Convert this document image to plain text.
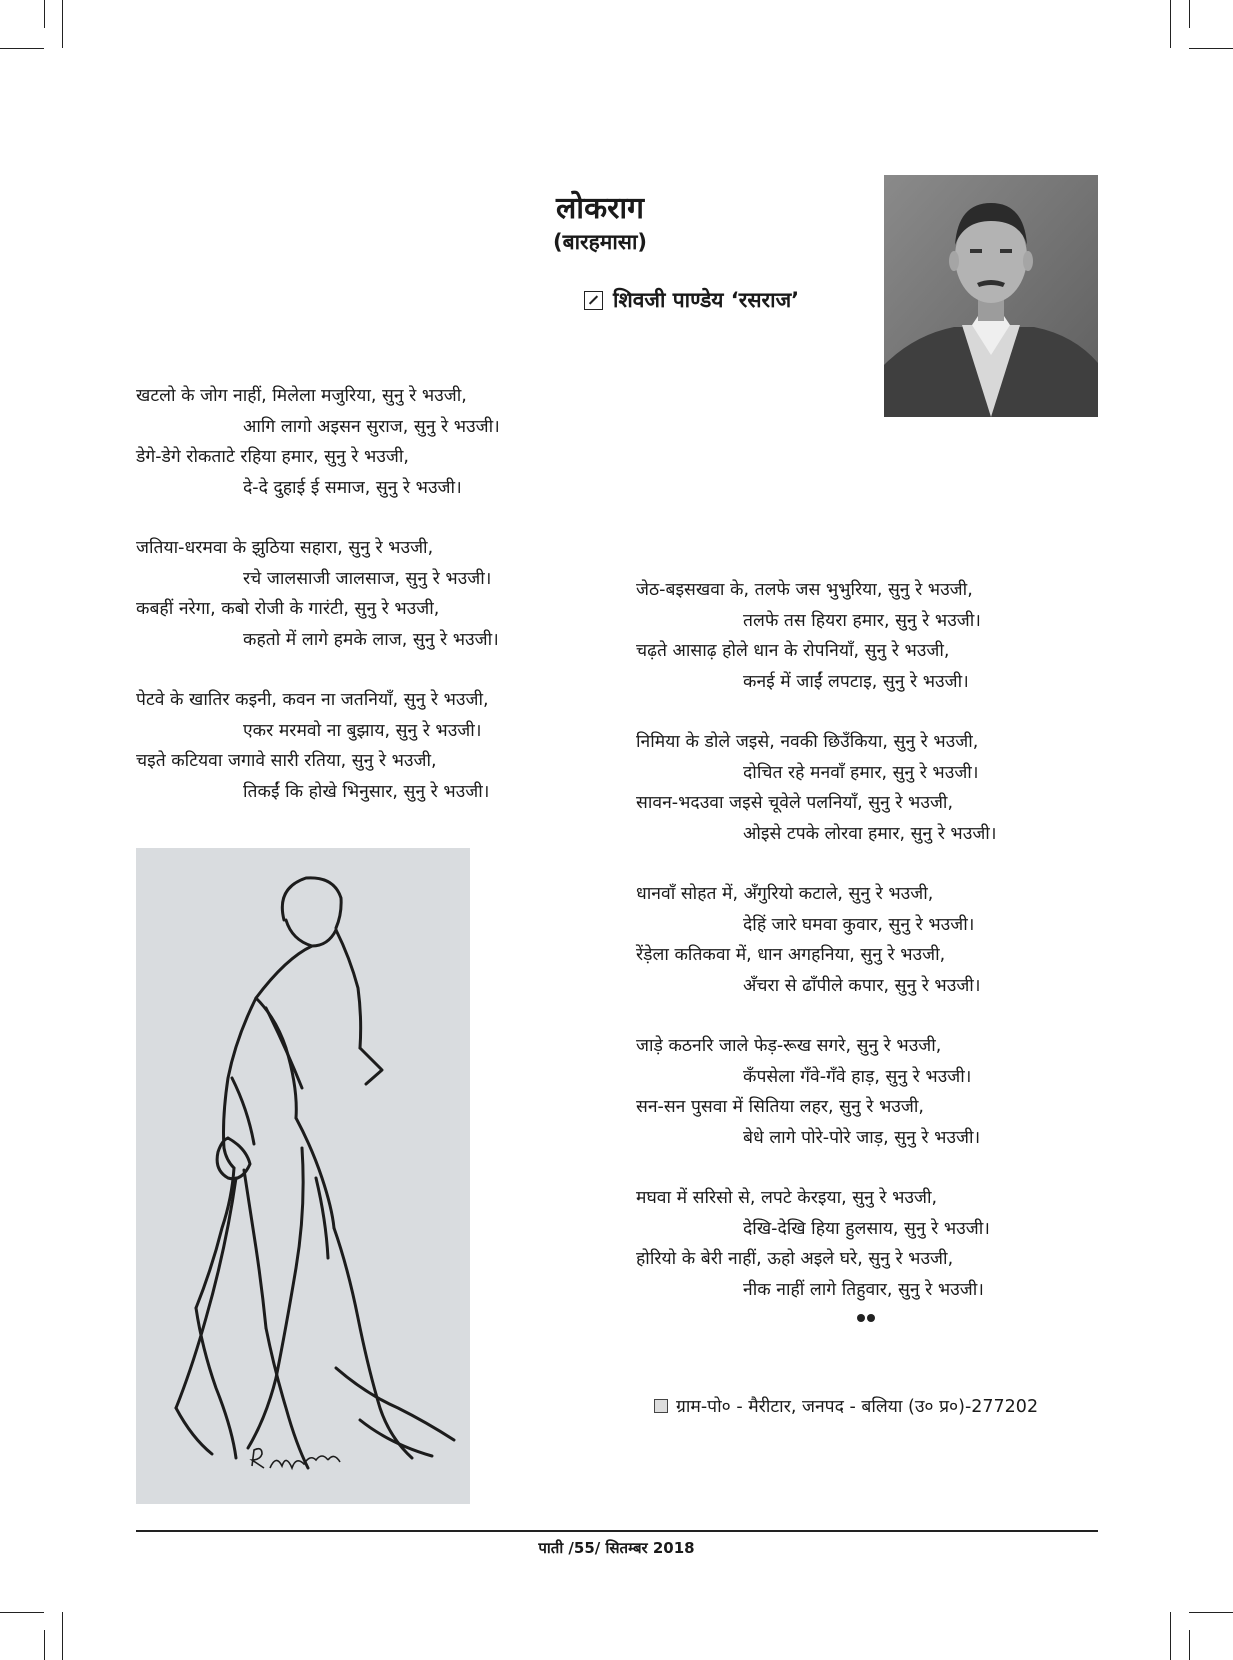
लोकराग
(बारहमासा)
शिवजी पाण्डेय ‘रसराज’
खटलो के जोग नाहीं, मिलेला मजुरिया, सुनु रे भउजी,
आगि लागो अइसन सुराज, सुनु रे भउजी।
डेगे-डेगे रोकताटे रहिया हमार, सुनु रे भउजी,
दे-दे दुहाई ई समाज, सुनु रे भउजी।
जतिया-धरमवा के झुठिया सहारा, सुनु रे भउजी,
रचे जालसाजी जालसाज, सुनु रे भउजी।
कबहीं नरेगा, कबो रोजी के गारंटी, सुनु रे भउजी,
कहतो में लागे हमके लाज, सुनु रे भउजी।
पेटवे के खातिर कइनी, कवन ना जतनियाँ, सुनु रे भउजी,
एकर मरमवो ना बुझाय, सुनु रे भउजी।
चइते कटियवा जगावे सारी रतिया, सुनु रे भउजी,
तिकईं कि होखे भिनुसार, सुनु रे भउजी।
जेठ-बइसखवा के, तलफे जस भुभुरिया, सुनु रे भउजी,
तलफे तस हियरा हमार, सुनु रे भउजी।
चढ़ते आसाढ़ होले धान के रोपनियाँ, सुनु रे भउजी,
कनई में जाईं लपटाइ, सुनु रे भउजी।
निमिया के डोले जइसे, नवकी छिउँकिया, सुनु रे भउजी,
दोचित रहे मनवाँ हमार, सुनु रे भउजी।
सावन-भदउवा जइसे चूवेले पलनियाँ, सुनु रे भउजी,
ओइसे टपके लोरवा हमार, सुनु रे भउजी।
धानवाँ सोहत में, अँगुरियो कटाले, सुनु रे भउजी,
देहिं जारे घमवा कुवार, सुनु रे भउजी।
रेंड़ेला कतिकवा में, धान अगहनिया, सुनु रे भउजी,
अँचरा से ढाँपीले कपार, सुनु रे भउजी।
जाड़े कठनरि जाले फेड़-रूख सगरे, सुनु रे भउजी,
कँपसेला गँवे-गँवे हाड़, सुनु रे भउजी।
सन-सन पुसवा में सितिया लहर, सुनु रे भउजी,
बेधे लागे पोरे-पोरे जाड़, सुनु रे भउजी।
मघवा में सरिसो से, लपटे केरइया, सुनु रे भउजी,
देखि-देखि हिया हुलसाय, सुनु रे भउजी।
होरियो के बेरी नाहीं, ऊहो अइले घरे, सुनु रे भउजी,
नीक नाहीं लागे तिहुवार, सुनु रे भउजी।
ग्राम-पो० - मैरीटार, जनपद - बलिया (उ० प्र०)-277202
पाती /55/ सितम्बर 2018
